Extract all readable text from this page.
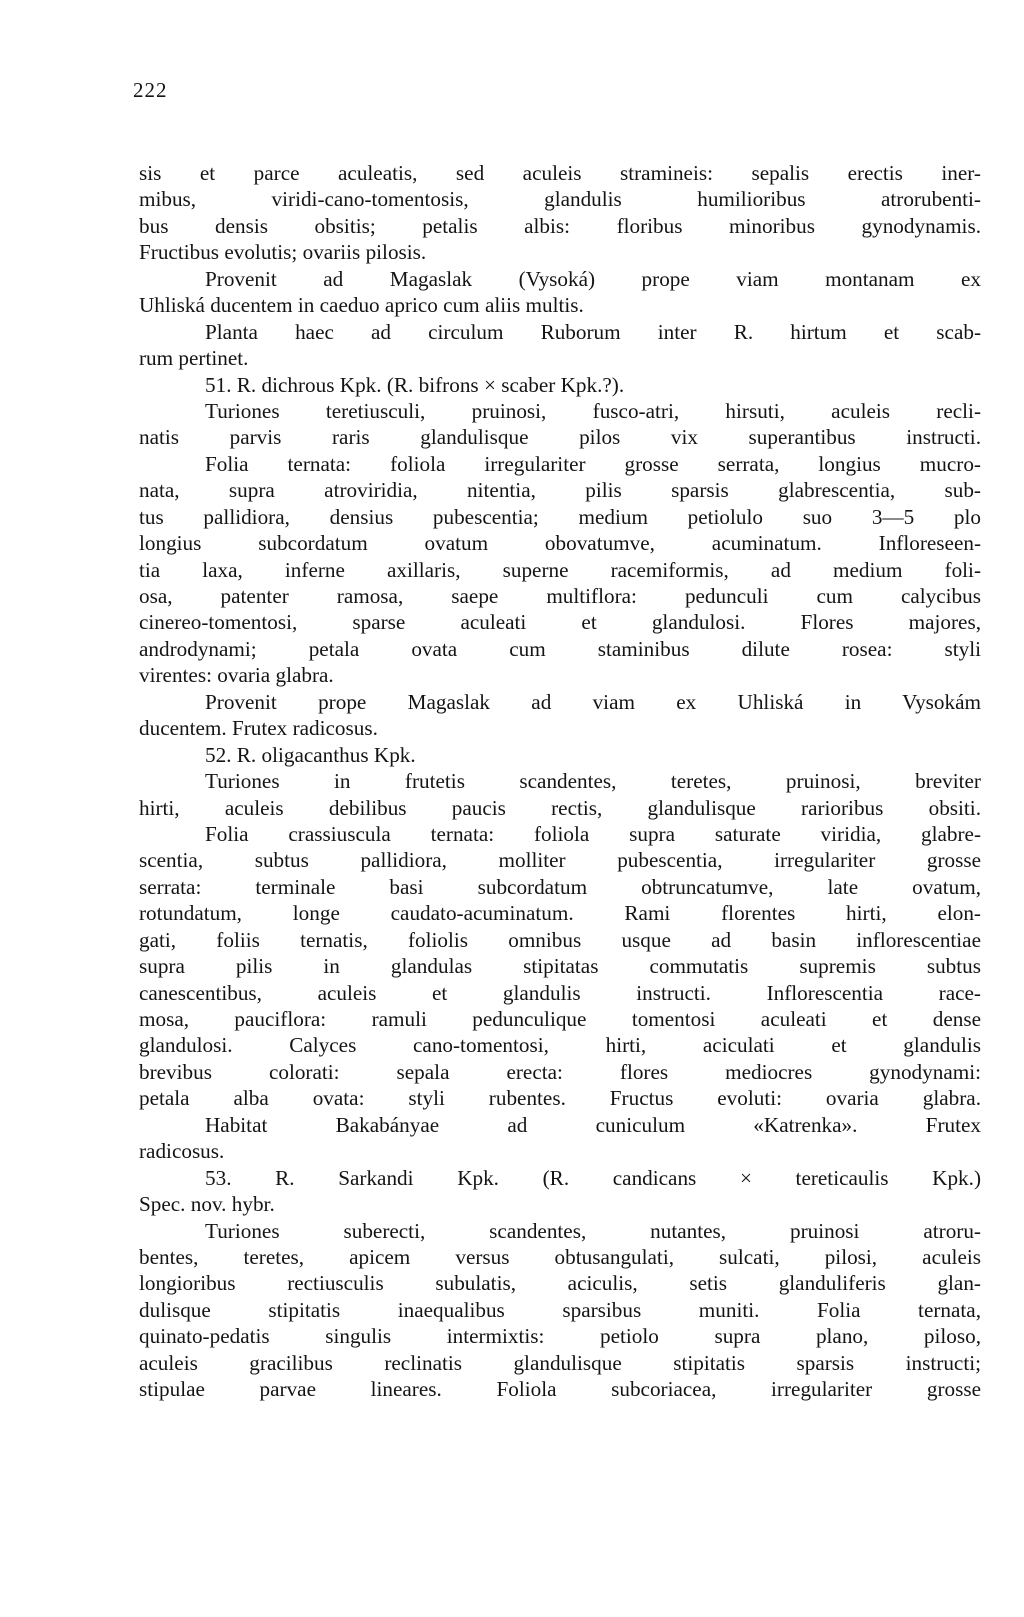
222
sis et parce aculeatis, sed aculeis stramineis: sepalis erectis iner-
mibus, viridi-cano-tomentosis, glandulis humilioribus atrorubenti-
bus densis obsitis; petalis albis: floribus minoribus gynodynamis.
Fructibus evolutis; ovariis pilosis.
Provenit ad Magaslak (Vysoká) prope viam montanam ex
Uhliská ducentem in caeduo aprico cum aliis multis.
Planta haec ad circulum Ruborum inter R. hirtum et scab-
rum pertinet.
51. R. dichrous Kpk. (R. bifrons × scaber Kpk.?).
Turiones teretiusculi, pruinosi, fusco-atri, hirsuti, aculeis recli-
natis parvis raris glandulisque pilos vix superantibus instructi.
Folia ternata: foliola irregulariter grosse serrata, longius mucro-
nata, supra atroviridia, nitentia, pilis sparsis glabrescentia, sub-
tus pallidiora, densius pubescentia; medium petiolulo suo 3—5 plo
longius subcordatum ovatum obovatumve, acuminatum. Infloreseen-
tia laxa, inferne axillaris, superne racemiformis, ad medium foli-
osa, patenter ramosa, saepe multiflora: pedunculi cum calycibus
cinereo-tomentosi, sparse aculeati et glandulosi. Flores majores,
androdynami; petala ovata cum staminibus dilute rosea: styli
virentes: ovaria glabra.
Provenit prope Magaslak ad viam ex Uhliská in Vysokám
ducentem. Frutex radicosus.
52. R. oligacanthus Kpk.
Turiones in frutetis scandentes, teretes, pruinosi, breviter
hirti, aculeis debilibus paucis rectis, glandulisque rarioribus obsiti.
Folia crassiuscula ternata: foliola supra saturate viridia, glabre-
scentia, subtus pallidiora, molliter pubescentia, irregulariter grosse
serrata: terminale basi subcordatum obtruncatumve, late ovatum,
rotundatum, longe caudato-acuminatum. Rami florentes hirti, elon-
gati, foliis ternatis, foliolis omnibus usque ad basin inflorescentiae
supra pilis in glandulas stipitatas commutatis supremis subtus
canescentibus, aculeis et glandulis instructi. Inflorescentia race-
mosa, pauciflora: ramuli pedunculique tomentosi aculeati et dense
glandulosi. Calyces cano-tomentosi, hirti, aciculati et glandulis
brevibus colorati: sepala erecta: flores mediocres gynodynami:
petala alba ovata: styli rubentes. Fructus evoluti: ovaria glabra.
Habitat Bakabányae ad cuniculum «Katrenka». Frutex
radicosus.
53. R. Sarkandi Kpk. (R. candicans × tereticaulis Kpk.)
Spec. nov. hybr.
Turiones suberecti, scandentes, nutantes, pruinosi atroru-
bentes, teretes, apicem versus obtusangulati, sulcati, pilosi, aculeis
longioribus rectiusculis subulatis, aciculis, setis glanduliferis glan-
dulisque stipitatis inaequalibus sparsibus muniti. Folia ternata,
quinato-pedatis singulis intermixtis: petiolo supra plano, piloso,
aculeis gracilibus reclinatis glandulisque stipitatis sparsis instructi;
stipulae parvae lineares. Foliola subcoriacea, irregulariter grosse
